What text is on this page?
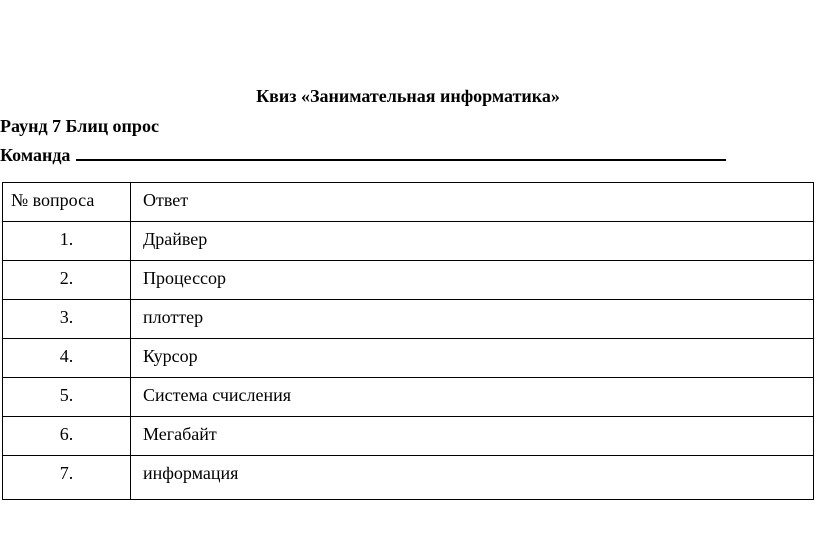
Квиз «Занимательная информатика»
Раунд 7 Блиц опрос
Команда
№ вопроса	Ответ
1.	Драйвер
2.	Процессор
3.	плоттер
4.	Курсор
5.	Система счисления
6.	Мегабайт
7.	информация
